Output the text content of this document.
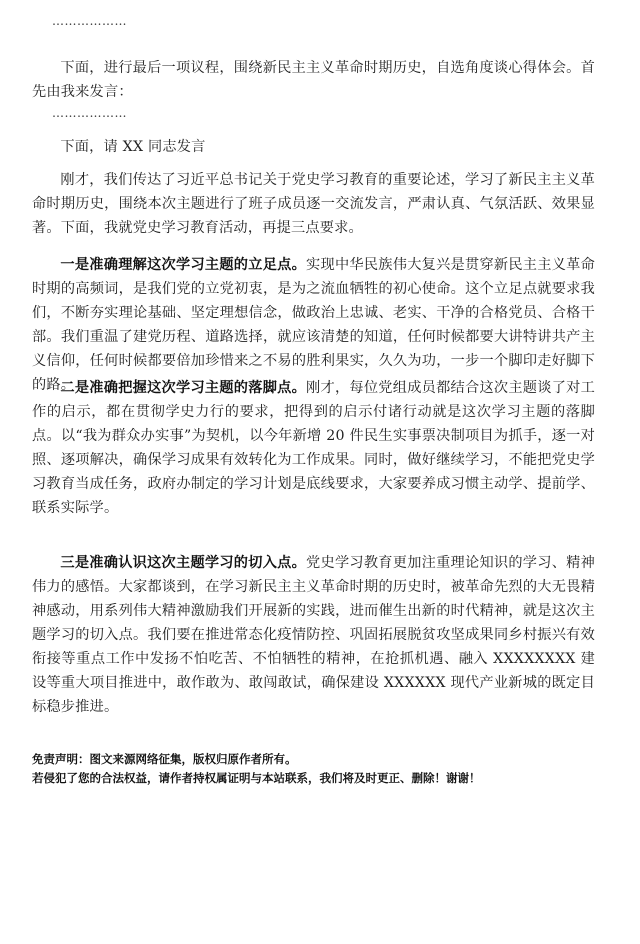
………………

下面，进行最后一项议程，围绕新民主主义革命时期历史，自选角度谈心得体会。首先由我来发言：

………………

下面，请 XX 同志发言

刚才，我们传达了习近平总书记关于党史学习教育的重要论述，学习了新民主主义革命时期历史，围绕本次主题进行了班子成员逐一交流发言，严肃认真、气氛活跃、效果显著。下面，我就党史学习教育活动，再提三点要求。

一是准确理解这次学习主题的立足点。实现中华民族伟大复兴是贯穿新民主主义革命时期的高频词，是我们党的立党初衷，是为之流血牺牲的初心使命。这个立足点就要求我们，不断夯实理论基础、坚定理想信念，做政治上忠诚、老实、干净的合格党员、合格干部。我们重温了建党历程、道路选择，就应该清楚的知道，任何时候都要大讲特讲共产主义信仰，任何时候都要倍加珍惜来之不易的胜利果实，久久为功，一步一个脚印走好脚下的路。

二是准确把握这次学习主题的落脚点。刚才，每位党组成员都结合这次主题谈了对工作的启示，都在贯彻学史力行的要求，把得到的启示付诸行动就是这次学习主题的落脚点。以“我为群众办实事”为契机，以今年新增 20 件民生实事票决制项目为抓手，逐一对照、逐项解决，确保学习成果有效转化为工作成果。同时，做好继续学习，不能把党史学习教育当成任务，政府办制定的学习计划是底线要求，大家要养成习惯主动学、提前学、联系实际学。

三是准确认识这次主题学习的切入点。党史学习教育更加注重理论知识的学习、精神伟力的感悟。大家都谈到，在学习新民主主义革命时期的历史时，被革命先烈的大无畏精神感动，用系列伟大精神激励我们开展新的实践，进而催生出新的时代精神，就是这次主题学习的切入点。我们要在推进常态化疫情防控、巩固拓展脱贫攻坚成果同乡村振兴有效衔接等重点工作中发扬不怕吃苦、不怕牺牲的精神，在抢抓机遇、融入 XXXXXXXX 建设等重大项目推进中，敢作敢为、敢闯敢试，确保建设 XXXXXX 现代产业新城的既定目标稳步推进。

免责声明：图文来源网络征集，版权归原作者所有。
若侵犯了您的合法权益，请作者持权属证明与本站联系，我们将及时更正、删除！谢谢！
